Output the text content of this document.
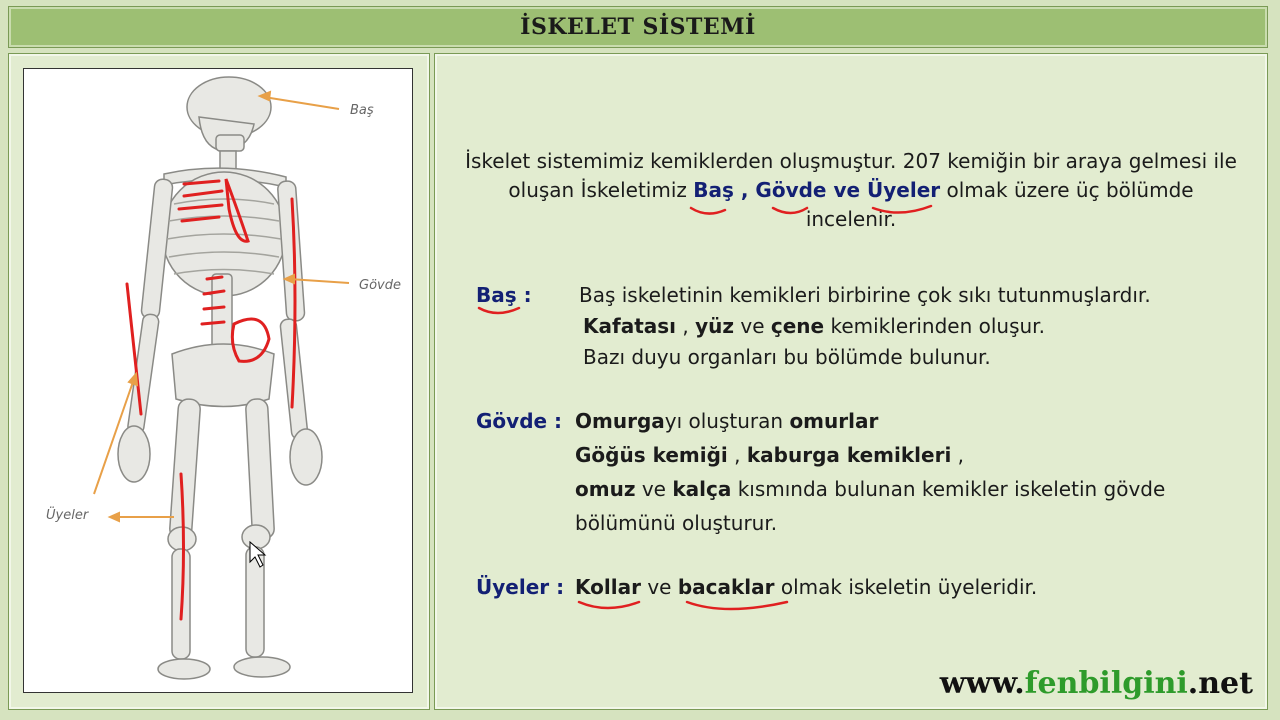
İSKELET SİSTEMİ
Baş
Gövde
Üyeler
İskelet sistemimiz kemiklerden oluşmuştur. 207 kemiğin bir araya gelmesi ile
oluşan İskeletimiz Baş , Gövde ve Üyeler olmak üzere üç bölümde
incelenir.
Baş : Baş iskeletinin kemikleri birbirine çok sıkı tutunmuşlardır.
Kafatası , yüz ve çene kemiklerinden oluşur.
Bazı duyu organları bu bölümde bulunur.
Gövde : Omurgayı oluşturan omurlar
Göğüs kemiği , kaburga kemikleri ,
omuz ve kalça kısmında bulunan kemikler iskeletin gövde
bölümünü oluşturur.
Üyeler : Kollar ve bacaklar olmak iskeletin üyeleridir.
www.fenbilgini.net
